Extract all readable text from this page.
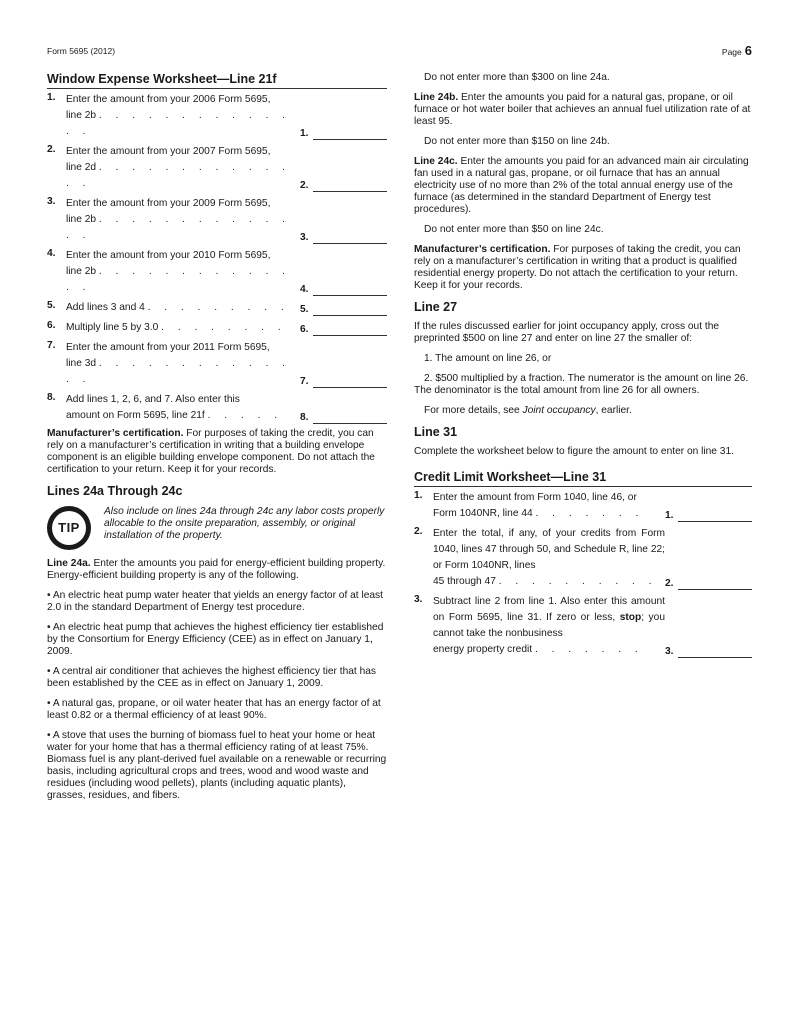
Form 5695 (2012)	Page 6
Window Expense Worksheet—Line 21f
1.	Enter the amount from your 2006 Form 5695,
line 2b . . . . . . . . . . . . . .	1.
2.	Enter the amount from your 2007 Form 5695,
line 2d . . . . . . . . . . . . . .	2.
3.	Enter the amount from your 2009 Form 5695,
line 2b . . . . . . . . . . . . . .	3.
4.	Enter the amount from your 2010 Form 5695,
line 2b . . . . . . . . . . . . . .	4.
5.	Add lines 3 and 4 . . . . . . . . .	5.
6.	Multiply line 5 by 3.0 . . . . . . . .	6.
7.	Enter the amount from your 2011 Form 5695,
line 3d . . . . . . . . . . . . . .	7.
8.	Add lines 1, 2, 6, and 7. Also enter this
amount on Form 5695, line 21f . . . . .	8.

Manufacturer’s certification. For purposes of taking the credit, you can rely on a manufacturer’s certification in writing that a building envelope component is an eligible building envelope component. Do not attach the certification to your return. Keep it for your records.

Lines 24a Through 24c
TIP
Also include on lines 24a through 24c any labor costs properly allocable to the onsite preparation, assembly, or original installation of the property.

Line 24a. Enter the amounts you paid for energy-efficient building property. Energy-efficient building property is any of the following.

• An electric heat pump water heater that yields an energy factor of at least 2.0 in the standard Department of Energy test procedure.

• An electric heat pump that achieves the highest efficiency tier established by the Consortium for Energy Efficiency (CEE) as in effect on January 1, 2009.

• A central air conditioner that achieves the highest efficiency tier that has been established by the CEE as in effect on January 1, 2009.

• A natural gas, propane, or oil water heater that has an energy factor of at least 0.82 or a thermal efficiency of at least 90%.

• A stove that uses the burning of biomass fuel to heat your home or heat water for your home that has a thermal efficiency rating of at least 75%. Biomass fuel is any plant-derived fuel available on a renewable or recurring basis, including agricultural crops and trees, wood and wood waste and residues (including wood pellets), plants (including aquatic plants), grasses, residues, and fibers.

Do not enter more than $300 on line 24a.

Line 24b. Enter the amounts you paid for a natural gas, propane, or oil furnace or hot water boiler that achieves an annual fuel utilization rate of at least 95.

Do not enter more than $150 on line 24b.

Line 24c. Enter the amounts you paid for an advanced main air circulating fan used in a natural gas, propane, or oil furnace that has an annual electricity use of no more than 2% of the total annual energy use of the furnace (as determined in the standard Department of Energy test procedures).

Do not enter more than $50 on line 24c.

Manufacturer’s certification. For purposes of taking the credit, you can rely on a manufacturer’s certification in writing that a product is qualified residential energy property. Do not attach the certification to your return. Keep it for your records.

Line 27

If the rules discussed earlier for joint occupancy apply, cross out the preprinted $500 on line 27 and enter on line 27 the smaller of:

1. The amount on line 26, or

2. $500 multiplied by a fraction. The numerator is the amount on line 26. The denominator is the total amount from line 26 for all owners.

For more details, see Joint occupancy, earlier.

Line 31

Complete the worksheet below to figure the amount to enter on line 31.

Credit Limit Worksheet—Line 31
1.	Enter the amount from Form 1040, line 46, or
Form 1040NR, line 44 . . . . . . .	1.
2.	Enter the total, if any, of your credits from Form 1040, lines 47 through 50, and Schedule R, line 22; or Form 1040NR, lines
45 through 47 . . . . . . . . . . 2.
3.	Subtract line 2 from line 1. Also enter this amount on Form 5695, line 31. If zero or less, stop; you cannot take the nonbusiness
energy property credit . . . . . . .	3.
